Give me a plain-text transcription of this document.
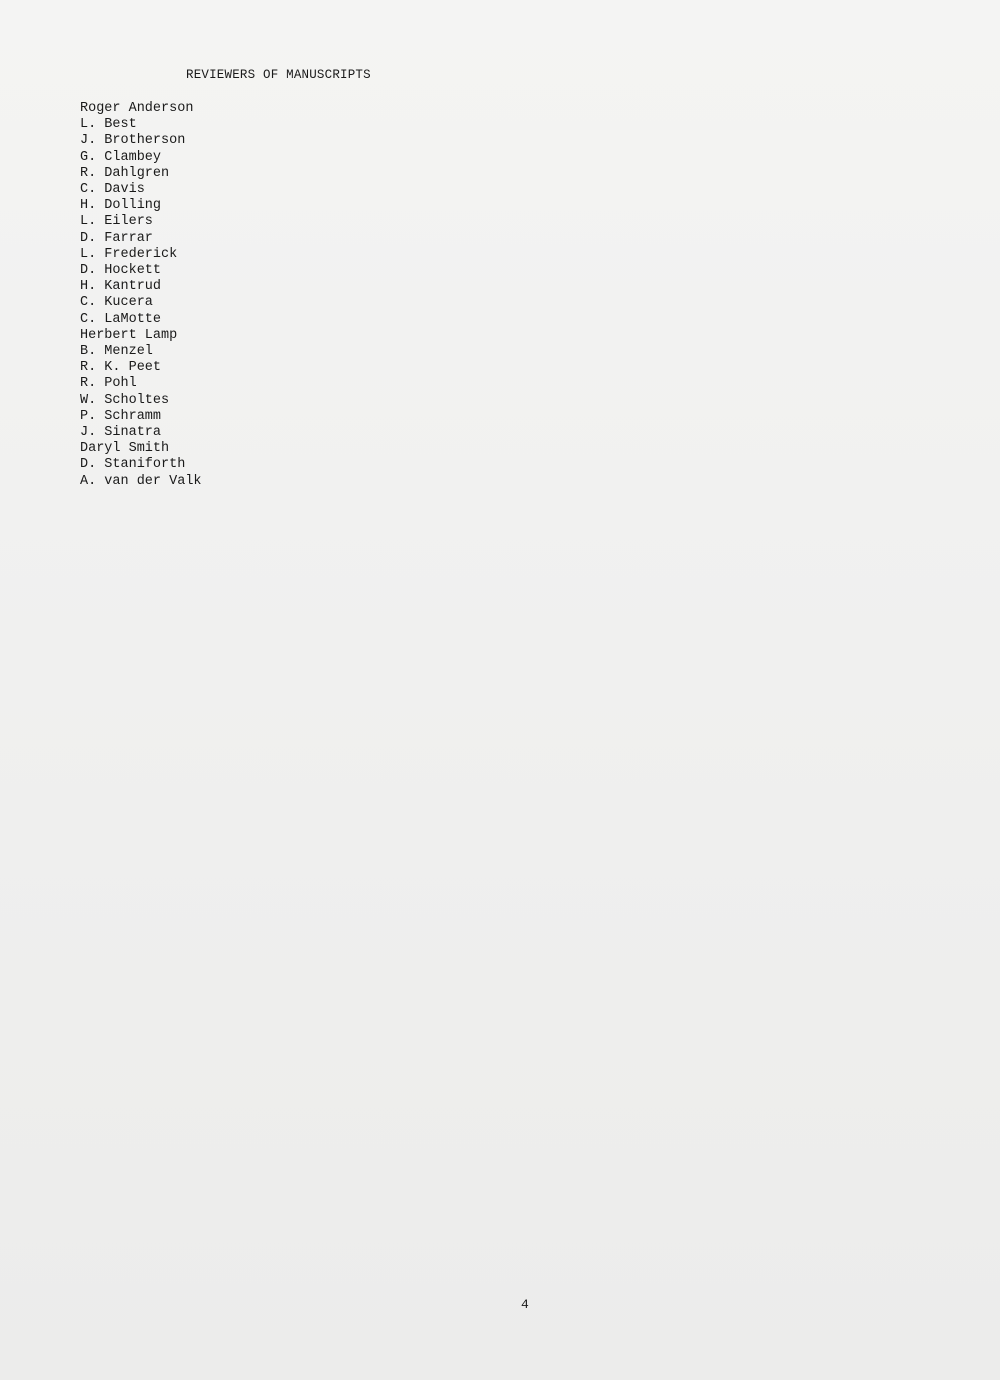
REVIEWERS OF MANUSCRIPTS
Roger Anderson
L. Best
J. Brotherson
G. Clambey
R. Dahlgren
C. Davis
H. Dolling
L. Eilers
D. Farrar
L. Frederick
D. Hockett
H. Kantrud
C. Kucera
C. LaMotte
Herbert Lamp
B. Menzel
R. K. Peet
R. Pohl
W. Scholtes
P. Schramm
J. Sinatra
Daryl Smith
D. Staniforth
A. van der Valk
4
